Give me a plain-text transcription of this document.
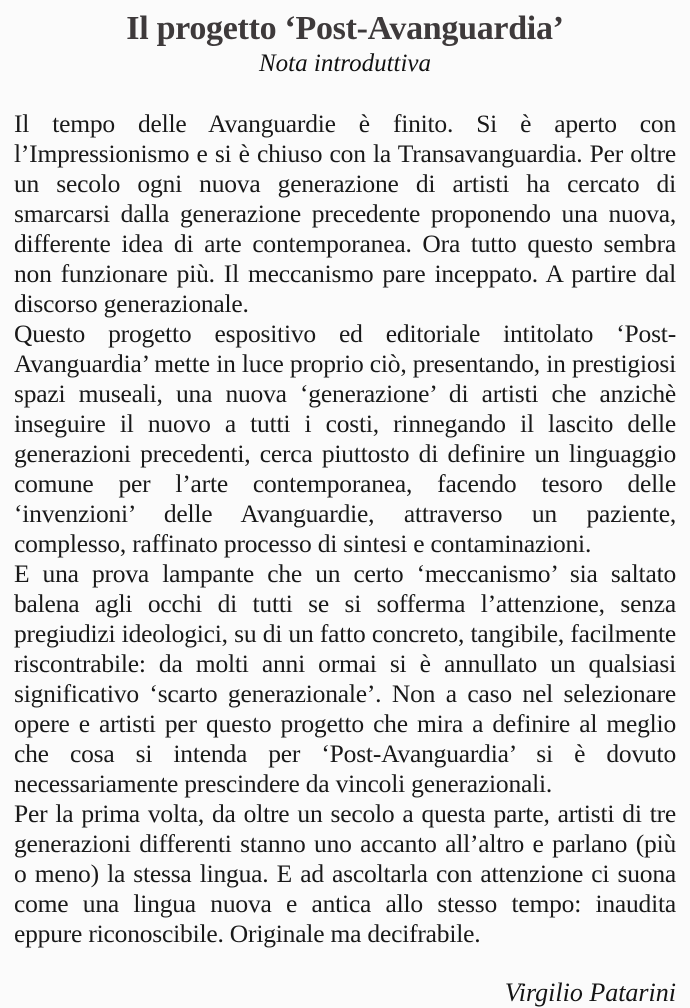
Il progetto ‘Post-Avanguardia’
Nota introduttiva

Il tempo delle Avanguardie è finito. Si è aperto con l’Impressionismo e si è chiuso con la Transavanguardia. Per oltre un secolo ogni nuova generazione di artisti ha cercato di smarcarsi dalla generazione precedente proponendo una nuova, differente idea di arte contemporanea. Ora tutto questo sembra non funzionare più. Il meccanismo pare inceppato. A partire dal discorso generazionale.

Questo progetto espositivo ed editoriale intitolato ‘Post-Avanguardia’ mette in luce proprio ciò, presentando, in prestigiosi spazi museali, una nuova ‘generazione’ di artisti che anzichè inseguire il nuovo a tutti i costi, rinnegando il lascito delle generazioni precedenti, cerca piuttosto di definire un linguaggio comune per l’arte contemporanea, facendo tesoro delle ‘invenzioni’ delle Avanguardie, attraverso un paziente, complesso, raffinato processo di sintesi e contaminazioni.

E una prova lampante che un certo ‘meccanismo’ sia saltato balena agli occhi di tutti se si sofferma l’attenzione, senza pregiudizi ideologici, su di un fatto concreto, tangibile, facilmente riscontrabile: da molti anni ormai si è annullato un qualsiasi significativo ‘scarto generazionale’. Non a caso nel selezionare opere e artisti per questo progetto che mira a definire al meglio che cosa si intenda per ‘Post-Avanguardia’ si è dovuto necessariamente prescindere da vincoli generazionali.

Per la prima volta, da oltre un secolo a questa parte, artisti di tre generazioni differenti stanno uno accanto all’altro e parlano (più o meno) la stessa lingua. E ad ascoltarla con attenzione ci suona come una lingua nuova e antica allo stesso tempo: inaudita eppure riconoscibile. Originale ma decifrabile.

Virgilio Patarini
